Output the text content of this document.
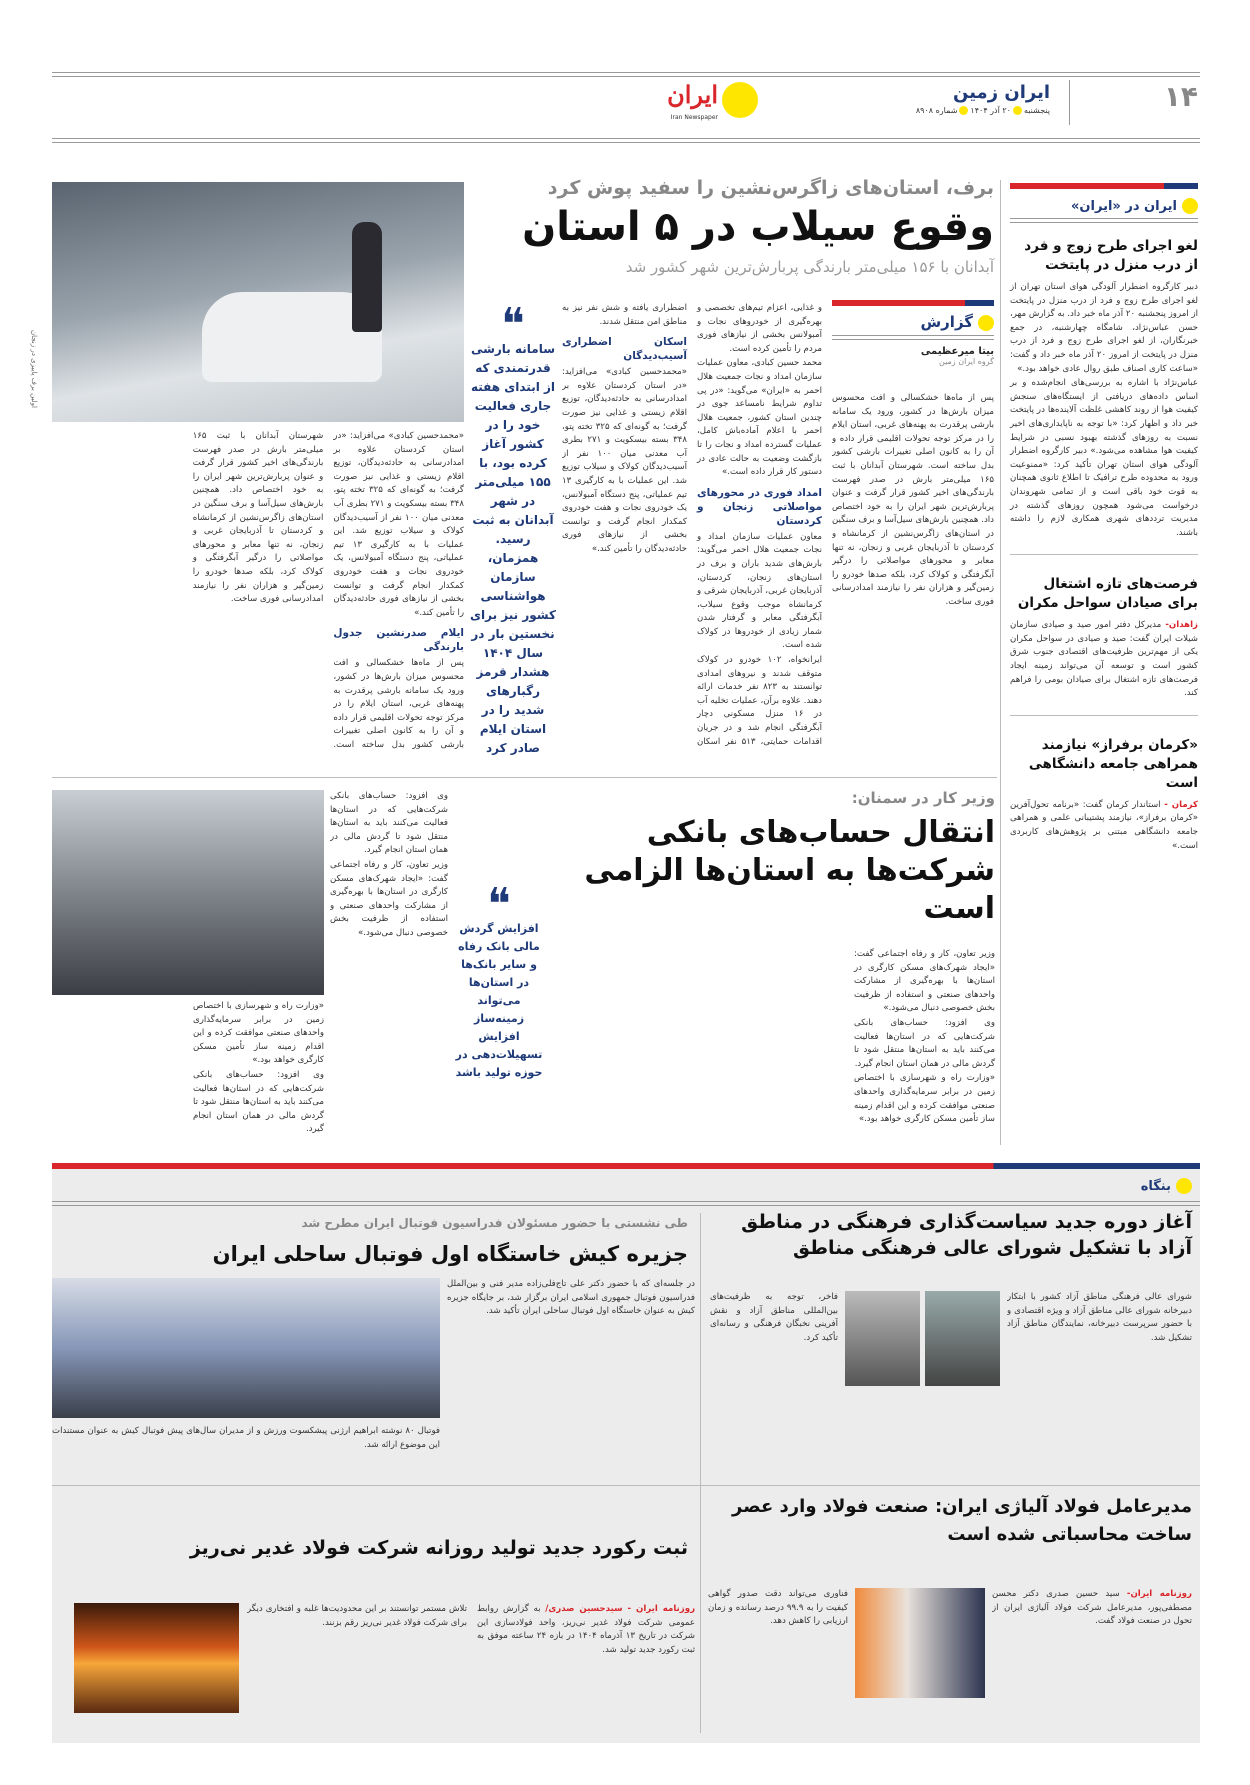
۱۴
ایران زمین
پنجشنبه۲۰ آذر ۱۴۰۴شماره ۸۹۰۸
ایران
Iran Newspaper
ایران در «ایران»
لغو اجرای طرح زوج و فرد از درب منزل در پایتخت

دبیر کارگروه اضطرار آلودگی هوای استان تهران از لغو اجرای طرح زوج و فرد از درب منزل در پایتخت از امروز پنجشنبه ۲۰ آذر ماه خبر داد. به گزارش مهر، حسن عباس‌نژاد، شامگاه چهارشنبه، در جمع خبرنگاران، از لغو اجرای طرح زوج و فرد از درب منزل در پایتخت از امروز ۲۰ آذر ماه خبر داد و گفت: «ساعت کاری اصناف طبق روال عادی خواهد بود.»

عباس‌نژاد با اشاره به بررسی‌های انجام‌شده و بر اساس داده‌های دریافتی از ایستگاه‌های سنجش کیفیت هوا از روند کاهشی غلظت آلاینده‌ها در پایتخت خبر داد و اظهار کرد: «با توجه به ناپایداری‌های اخیر نسبت به روزهای گذشته بهبود نسبی در شرایط کیفیت هوا مشاهده می‌شود.» دبیر کارگروه اضطرار آلودگی هوای استان تهران تأکید کرد: «ممنوعیت ورود به محدوده طرح ترافیک تا اطلاع ثانوی همچنان به قوت خود باقی است و از تمامی شهروندان درخواست می‌شود همچون روزهای گذشته در مدیریت ترددهای شهری همکاری لازم را داشته باشند.

فرصت‌های تازه اشتغال برای صیادان سواحل مکران
زاهدان- مدیرکل دفتر امور صید و صیادی سازمان شیلات ایران گفت: صید و صیادی در سواحل مکران یکی از مهم‌ترین ظرفیت‌های اقتصادی جنوب شرق کشور است و توسعه آن می‌تواند زمینه ایجاد فرصت‌های تازه اشتغال برای صیادان بومی را فراهم کند.
«کرمان برفراز» نیازمند همراهی جامعه دانشگاهی است
کرمان - استاندار کرمان گفت: «برنامه تحول‌آفرین «کرمان برفراز»، نیازمند پشتیبانی علمی و همراهی جامعه دانشگاهی مبتنی بر پژوهش‌های کاربردی است.»
برف، استان‌های زاگرس‌نشین را سفید پوش کرد
وقوع سیلاب در ۵ استان
آبدانان با ۱۵۶ میلی‌متر بارندگی پربارش‌ترین شهر کشور شد
اولین برف پاییزی در زنجان
❝
سامانه بارشی قدرتمندی که از ابتدای هفته جاری فعالیت خود را در کشور آغاز کرده بود، با ۱۵۵ میلی‌متر در شهر آبدانان به ثبت رسید. همزمان، سازمان هواشناسی کشور نیز برای نخستین بار در سال ۱۴۰۴ هشدار قرمز رگبارهای شدید را در استان ایلام صادر کرد
گزارش
بیتا میرعظیمی
گروه ایران زمین

و غذایی، اعزام تیم‌های تخصصی و بهره‌گیری از خودروهای نجات و آمبولانس بخشی از نیازهای فوری مردم را تأمین کرده است.

محمد حسین کبادی، معاون عملیات سازمان امداد و نجات جمعیت هلال احمر به «ایران» می‌گوید: «در پی تداوم شرایط نامساعد جوی در چندین استان کشور، جمعیت هلال احمر با اعلام آماده‌باش کامل، عملیات گسترده امداد و نجات را تا بازگشت وضعیت به حالت عادی در دستور کار قرار داده است.»

امداد فوری در محورهای مواصلاتی زنجان و کردستان

معاون عملیات سازمان امداد و نجات جمعیت هلال احمر می‌گوید: بارش‌های شدید باران و برف در استان‌های زنجان، کردستان، آذربایجان غربی، آذربایجان شرقی و کرمانشاه موجب وقوع سیلاب، آبگرفتگی معابر و گرفتار شدن شمار زیادی از خودروها در کولاک شده است.

ایرانخواه، ۱۰۲ خودرو در کولاک متوقف شدند و نیروهای امدادی توانستند به ۸۲۳ نفر خدمات ارائه دهند. علاوه برآن، عملیات تخلیه آب در ۱۶ منزل مسکونی دچار آبگرفتگی انجام شد و در جریان اقدامات حمایتی، ۵۱۳ نفر اسکان اضطراری یافته و شش نفر نیز به مناطق امن منتقل شدند.

اسکان اضطراری آسیب‌دیدگان

«محمدحسین کبادی» می‌افزاید: «در استان کردستان علاوه بر امدادرسانی به حادثه‌دیدگان، توزیع اقلام زیستی و غذایی نیز صورت گرفت؛ به گونه‌ای که ۳۲۵ تخته پتو، ۳۴۸ بسته بیسکویت و ۲۷۱ بطری آب معدنی میان ۱۰۰ نفر از آسیب‌دیدگان کولاک و سیلاب توزیع شد. این عملیات با به کارگیری ۱۳ تیم عملیاتی، پنج دستگاه آمبولانس، یک خودروی نجات و هفت خودروی کمکدار انجام گرفت و توانست بخشی از نیازهای فوری حادثه‌دیدگان را تأمین کند.»

پس از ماه‌ها خشکسالی و افت محسوس میزان بارش‌ها در کشور، ورود یک سامانه بارشی پرقدرت به پهنه‌های غربی، استان ایلام را در مرکز توجه تحولات اقلیمی قرار داده و آن را به کانون اصلی تغییرات بارشی کشور بدل ساخته است. شهرستان آبدانان با ثبت ۱۶۵ میلی‌متر بارش در صدر فهرست بارندگی‌های اخیر کشور قرار گرفت و عنوان پربارش‌ترین شهر ایران را به خود اختصاص داد. همچنین بارش‌های سیل‌آسا و برف سنگین در استان‌های زاگرس‌نشین از کرمانشاه و کردستان تا آذربایجان غربی و زنجان، نه تنها معابر و محورهای مواصلاتی را درگیر آبگرفتگی و کولاک کرد، بلکه صدها خودرو را زمین‌گیر و هزاران نفر را نیازمند امدادرسانی فوری ساخت.

«محمدحسین کبادی» می‌افزاید: «در استان کردستان علاوه بر امدادرسانی به حادثه‌دیدگان، توزیع اقلام زیستی و غذایی نیز صورت گرفت؛ به گونه‌ای که ۳۲۵ تخته پتو، ۳۴۸ بسته بیسکویت و ۲۷۱ بطری آب معدنی میان ۱۰۰ نفر از آسیب‌دیدگان کولاک و سیلاب توزیع شد. این عملیات با به کارگیری ۱۳ تیم عملیاتی، پنج دستگاه آمبولانس، یک خودروی نجات و هفت خودروی کمکدار انجام گرفت و توانست بخشی از نیازهای فوری حادثه‌دیدگان را تأمین کند.»

ایلام صدرنشین جدول بارندگی

پس از ماه‌ها خشکسالی و افت محسوس میزان بارش‌ها در کشور، ورود یک سامانه بارشی پرقدرت به پهنه‌های غربی، استان ایلام را در مرکز توجه تحولات اقلیمی قرار داده و آن را به کانون اصلی تغییرات بارشی کشور بدل ساخته است. شهرستان آبدانان با ثبت ۱۶۵ میلی‌متر بارش در صدر فهرست بارندگی‌های اخیر کشور قرار گرفت و عنوان پربارش‌ترین شهر ایران را به خود اختصاص داد. همچنین بارش‌های سیل‌آسا و برف سنگین در استان‌های زاگرس‌نشین از کرمانشاه و کردستان تا آذربایجان غربی و زنجان، نه تنها معابر و محورهای مواصلاتی را درگیر آبگرفتگی و کولاک کرد، بلکه صدها خودرو را زمین‌گیر و هزاران نفر را نیازمند امدادرسانی فوری ساخت.

وزیر کار در سمنان:
انتقال حساب‌های بانکی شرکت‌ها به استان‌ها الزامی است
❝
افزایش گردش مالی بانک رفاه و سایر بانک‌ها در استان‌ها می‌تواند زمینه‌ساز افزایش تسهیلات‌دهی در حوزه تولید باشد

وزیر تعاون، کار و رفاه اجتماعی گفت: «ایجاد شهرک‌های مسکن کارگری در استان‌ها با بهره‌گیری از مشارکت واحدهای صنعتی و استفاده از ظرفیت بخش خصوصی دنبال می‌شود.»

وی افزود: حساب‌های بانکی شرکت‌هایی که در استان‌ها فعالیت می‌کنند باید به استان‌ها منتقل شود تا گردش مالی در همان استان انجام گیرد.

«وزارت راه و شهرسازی با اختصاص زمین در برابر سرمایه‌گذاری واحدهای صنعتی موافقت کرده و این اقدام زمینه ساز تأمین مسکن کارگری خواهد بود.»

«وزارت راه و شهرسازی با اختصاص زمین در برابر سرمایه‌گذاری واحدهای صنعتی موافقت کرده و این اقدام زمینه ساز تأمین مسکن کارگری خواهد بود.»

وی افزود: حساب‌های بانکی شرکت‌هایی که در استان‌ها فعالیت می‌کنند باید به استان‌ها منتقل شود تا گردش مالی در همان استان انجام گیرد.

وی افزود: حساب‌های بانکی شرکت‌هایی که در استان‌ها فعالیت می‌کنند باید به استان‌ها منتقل شود تا گردش مالی در همان استان انجام گیرد.

وزیر تعاون، کار و رفاه اجتماعی گفت: «ایجاد شهرک‌های مسکن کارگری در استان‌ها با بهره‌گیری از مشارکت واحدهای صنعتی و استفاده از ظرفیت بخش خصوصی دنبال می‌شود.»

بنگاه
آغاز دوره جدید سیاست‌گذاری فرهنگی در مناطق آزاد با تشکیل شورای عالی فرهنگی مناطق

شورای عالی فرهنگی مناطق آزاد کشور با ابتکار دبیرخانه شورای عالی مناطق آزاد و ویژه اقتصادی و با حضور سرپرست دبیرخانه، نمایندگان مناطق آزاد تشکیل شد.

فاخر، توجه به ظرفیت‌های بین‌المللی مناطق آزاد و نقش آفرینی نخبگان فرهنگی و رسانه‌ای تأکید کرد.

طی نشستی با حضور مسئولان فدراسیون فوتبال ایران مطرح شد
جزیره کیش خاستگاه اول فوتبال ساحلی ایران

در جلسه‌ای که با حضور دکتر علی تاج‌فلی‌زاده مدیر فنی و بین‌الملل فدراسیون فوتبال جمهوری اسلامی ایران برگزار شد، بر جایگاه جزیره کیش به عنوان خاستگاه اول فوتبال ساحلی ایران تأکید شد.

فوتبال ۸۰ نوشته ابراهیم ارژنی پیشکسوت ورزش و از مدیران سال‌های پیش فوتبال کیش به عنوان مستندات این موضوع ارائه شد.

مدیرعامل فولاد آلیاژی ایران: صنعت فولاد وارد عصر ساخت محاسباتی شده است
روزنامه ایران- سید حسین صدری دکتر محسن مصطفی‌پور، مدیرعامل شرکت فولاد آلیاژی ایران از تحول در صنعت فولاد گفت.

فناوری می‌تواند دقت صدور گواهی کیفیت را به ۹۹.۹ درصد رسانده و زمان ارزیابی را کاهش دهد.

ثبت رکورد جدید تولید روزانه شرکت فولاد غدیر نی‌ریز

تلاش مستمر توانستند بر این محدودیت‌ها غلبه و افتخاری دیگر برای شرکت فولاد غدیر نی‌ریز رقم بزنند.

روزنامه ایران - سیدحسین صدری/ به گزارش روابط عمومی شرکت فولاد غدیر نی‌ریز، واحد فولادسازی این شرکت در تاریخ ۱۳ آذرماه ۱۴۰۴ در بازه ۲۴ ساعته موفق به ثبت رکورد جدید تولید شد.
